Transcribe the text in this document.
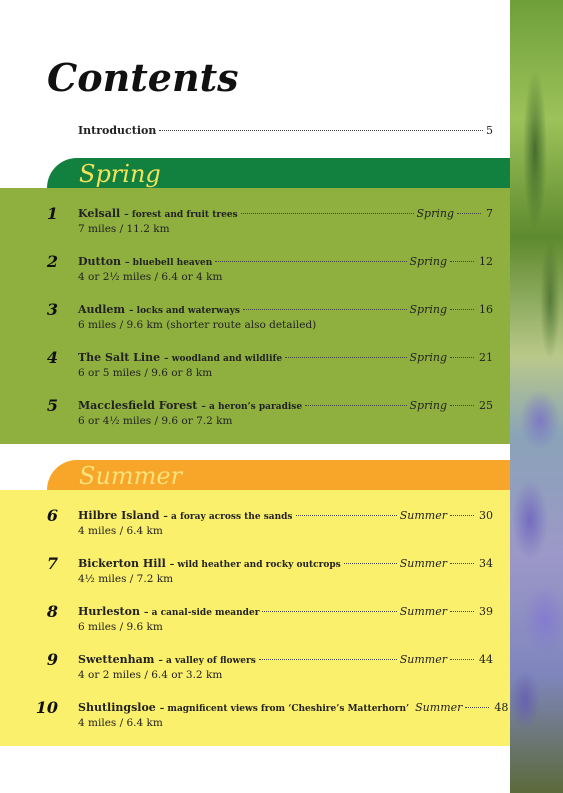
Contents
Introduction	5
Spring
Summer
1 Kelsall – forest and fruit trees	Spring	7
7 miles / 11.2 km
2 Dutton – bluebell heaven	Spring	12
4 or 2½ miles / 6.4 or 4 km
3 Audlem – locks and waterways	Spring	16
6 miles / 9.6 km (shorter route also detailed)
4 The Salt Line – woodland and wildlife	Spring	21
6 or 5 miles / 9.6 or 8 km
5 Macclesfield Forest – a heron’s paradise	Spring	25
6 or 4½ miles / 9.6 or 7.2 km
6 Hilbre Island – a foray across the sands	Summer	30
4 miles / 6.4 km
7 Bickerton Hill – wild heather and rocky outcrops	Summer	34
4½ miles / 7.2 km
8 Hurleston – a canal-side meander	Summer	39
6 miles / 9.6 km
9 Swettenham – a valley of flowers	Summer	44
4 or 2 miles / 6.4 or 3.2 km
10 Shutlingsloe – magnificent views from ‘Cheshire’s Matterhorn’ Summer	48
4 miles / 6.4 km
